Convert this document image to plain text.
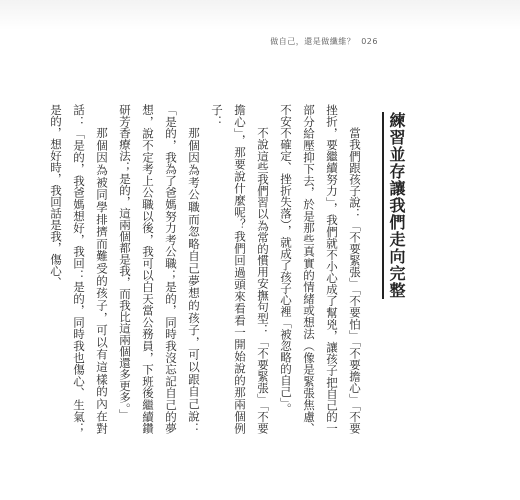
做自己，還是做纖維？ 026
練習並存讓我們走向完整

當我們跟孩子說：「不要緊張」「不要怕」「不要擔心」「不要挫折，要繼續努力」，我們就不小心成了幫兇，讓孩子把自己的一部分給壓抑下去，於是那些真實的情緒或想法（像是緊張焦慮、不安不確定、挫折失落），就成了孩子心裡「被忽略的自己」。

不說這些我們習以為常的慣用安撫句型：「不要緊張」「不要擔心」，那要說什麼呢？我們回過頭來看看一開始說的那兩個例子：

那個因為考公職而忽略自己夢想的孩子，可以跟自己說：「是的，我為了爸媽努力考公職；是的，同時我沒忘記自己的夢想，說不定考上公職以後，我可以白天當公務員，下班後繼續鑽研芳香療法；是的，這兩個都是我，而我比這兩個還多更多。」

那個因為被同學排擠而難受的孩子，可以有這樣的內在對話：「是的，我爸媽想好，我回：是的，同時我也傷心、生氣；是的，想好時，我回話是我，傷心、
